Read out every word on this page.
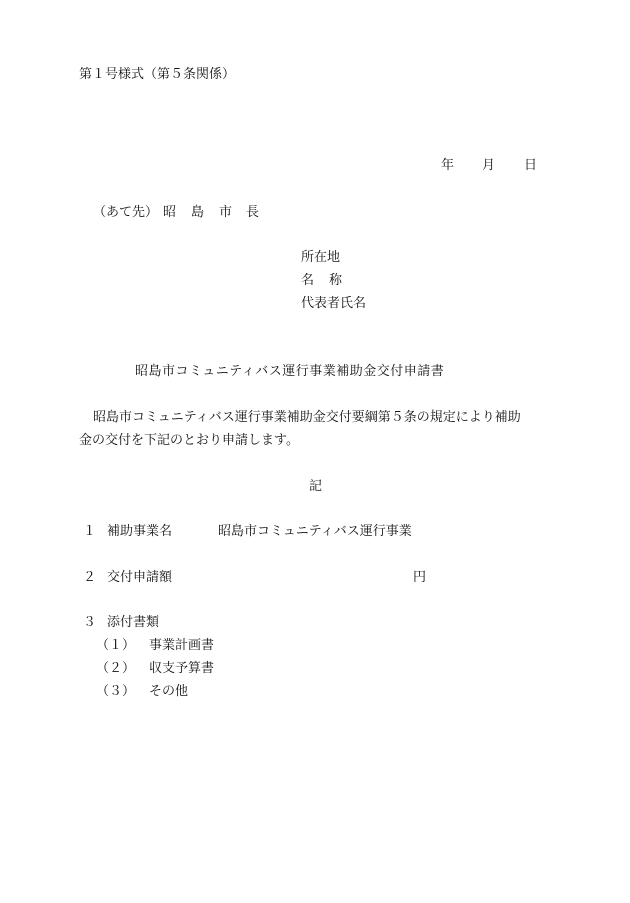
第１号様式（第５条関係）
年 月 日
（あて先） 昭 島 市 長
所在地
名 称
代表者氏名
昭島市コミュニティバス運行事業補助金交付申請書
昭島市コミュニティバス運行事業補助金交付要綱第５条の規定により補助
金の交付を下記のとおり申請します。
記
１ 補助事業名	昭島市コミュニティバス運行事業
２ 交付申請額	円
３ 添付書類
（１） 事業計画書
（２） 収支予算書
（３） その他
